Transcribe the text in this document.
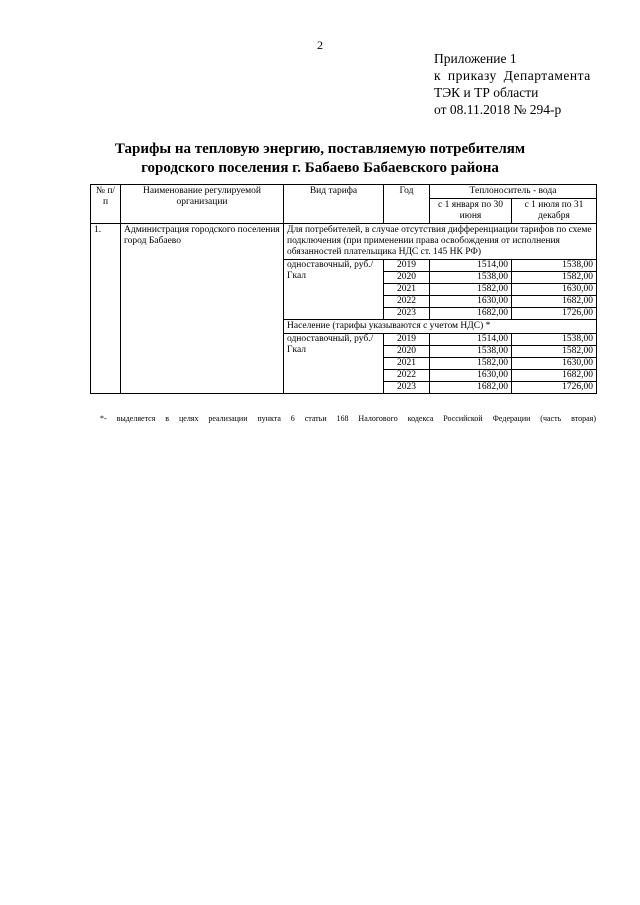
2
Приложение 1
к приказу Департамента
ТЭК и ТР области
от 08.11.2018 № 294-р
Тарифы на тепловую энергию, поставляемую потребителям
городского поселения г. Бабаево Бабаевского района
№ п/п	Наименование регулируемой организации	Вид тарифа	Год	Теплоноситель - вода	
				с 1 января по 30 июня	с 1 июля по 31 декабря
1.	Администрация городского поселения город Бабаево	Для потребителей, в случае отсутствия дифференциации тарифов по схеме подключения (при применении права освобождения от исполнения обязанностей плательщика НДС ст. 145 НК РФ)			
		одноставочный, руб./Гкал	2019	1514,00	1538,00
			2020	1538,00	1582,00
			2021	1582,00	1630,00
			2022	1630,00	1682,00
			2023	1682,00	1726,00
		Население (тарифы указываются с учетом НДС) *			
		одноставочный, руб./Гкал	2019	1514,00	1538,00
			2020	1538,00	1582,00
			2021	1582,00	1630,00
			2022	1630,00	1682,00
			2023	1682,00	1726,00
*- выделяется в целях реализации пункта 6 статьи 168 Налогового кодекса Российской Федерации (часть вторая)
